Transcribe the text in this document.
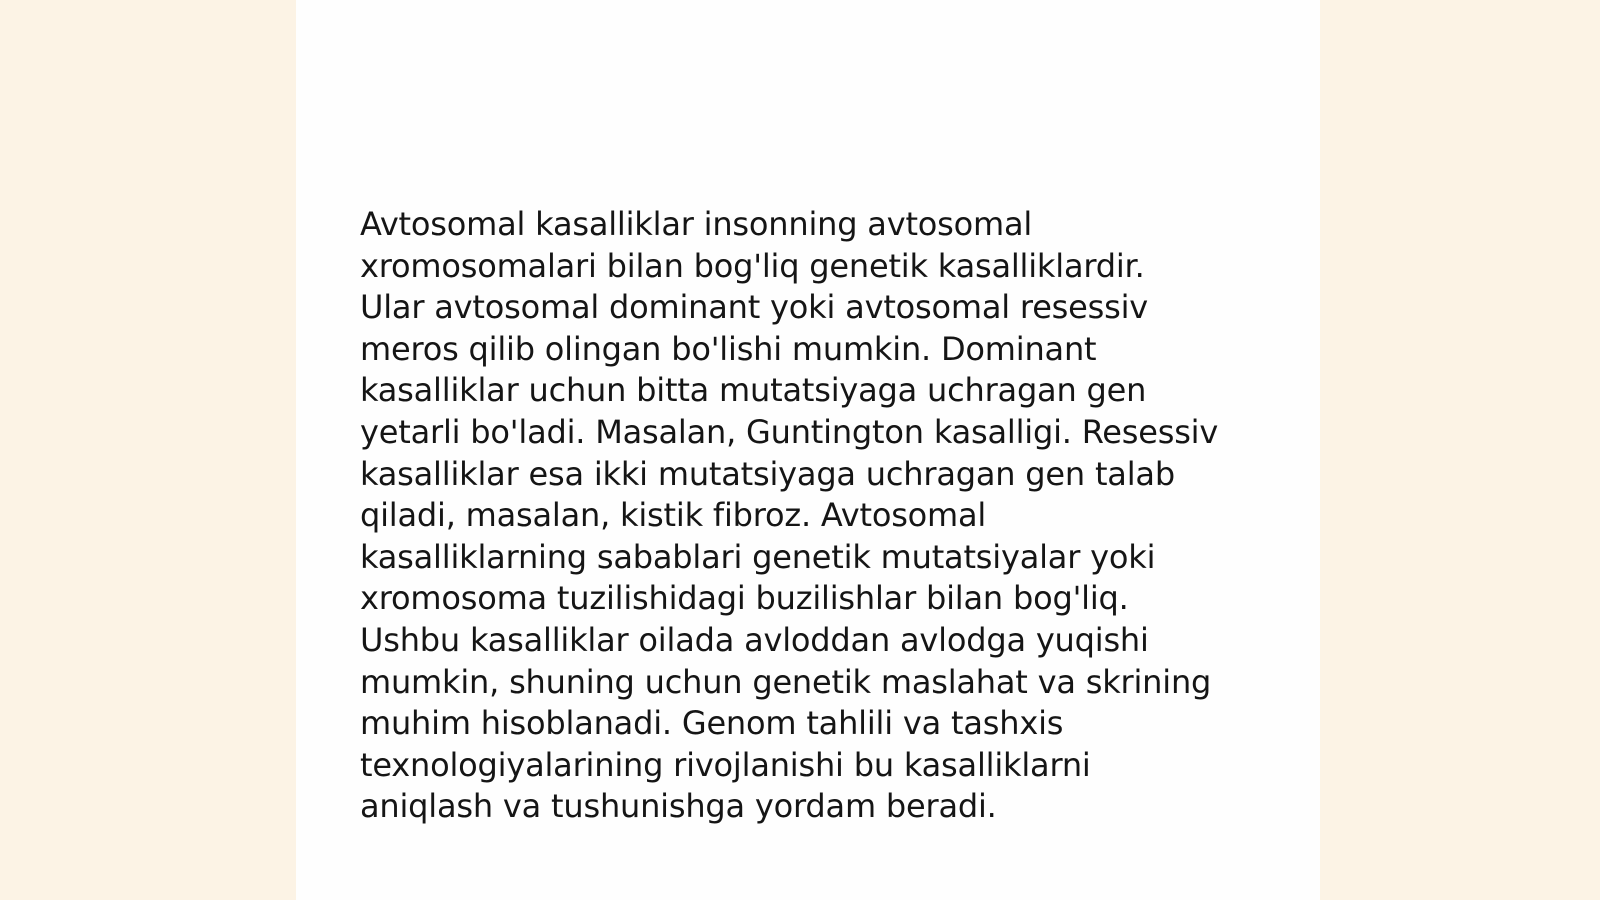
Avtosomal kasalliklar insonning avtosomal
xromosomalari bilan bog'liq genetik kasalliklardir.
Ular avtosomal dominant yoki avtosomal resessiv
meros qilib olingan bo'lishi mumkin. Dominant
kasalliklar uchun bitta mutatsiyaga uchragan gen
yetarli bo'ladi. Masalan, Guntington kasalligi. Resessiv
kasalliklar esa ikki mutatsiyaga uchragan gen talab
qiladi, masalan, kistik fibroz. Avtosomal
kasalliklarning sabablari genetik mutatsiyalar yoki
xromosoma tuzilishidagi buzilishlar bilan bog'liq.
Ushbu kasalliklar oilada avloddan avlodga yuqishi
mumkin, shuning uchun genetik maslahat va skrining
muhim hisoblanadi. Genom tahlili va tashxis
texnologiyalarining rivojlanishi bu kasalliklarni
aniqlash va tushunishga yordam beradi.
